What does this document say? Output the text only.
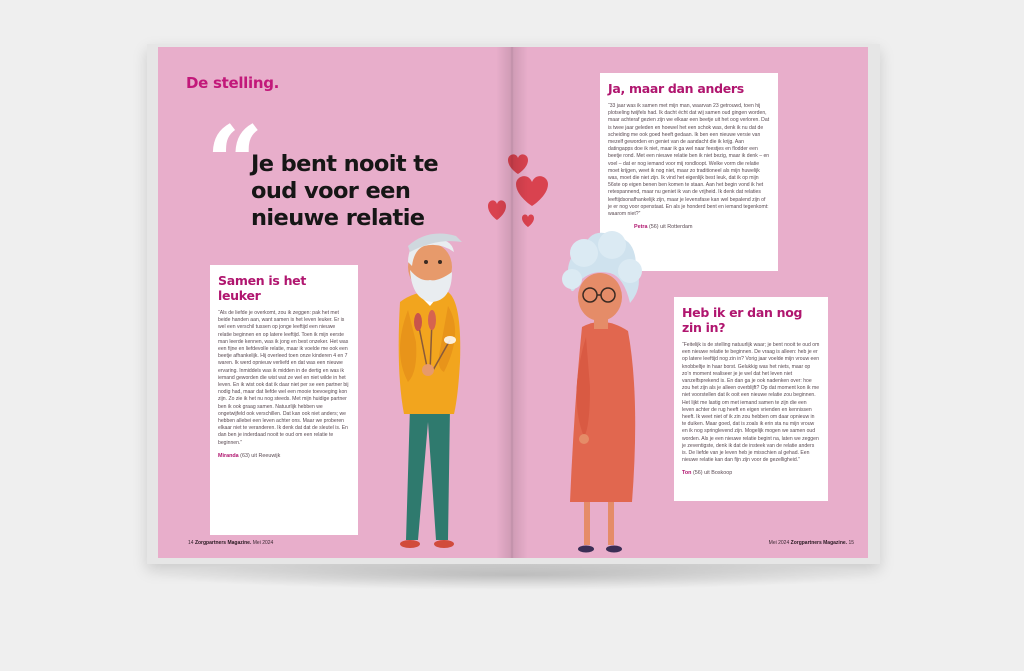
De stelling.
“
Je bent nooit te oud voor een nieuwe relatie
Samen is het leuker

“Als de liefde je overkomt, zou ik zeggen: pak het met beide handen aan, want samen is het leven leuker. Er is wel een verschil tussen op jonge leeftijd een nieuwe relatie beginnen en op latere leeftijd. Toen ik mijn eerste man leerde kennen, was ik jong en best onzeker. Het was een fijne en liefdevolle relatie, maar ik voelde me ook een beetje afhankelijk. Hij overleed toen onze kinderen 4 en 7 waren. Ik werd opnieuw verliefd en dat was een nieuwe ervaring. Inmiddels was ik midden in de dertig en was ik iemand geworden die wist wat ze wel en niet wilde in het leven. En ik wist ook dat ik daar niet per se een partner bij nodig had, maar dat liefde wel een mooie toevoeging kon zijn. Zo zie ik het nu nog steeds. Met mijn huidige partner ben ik ook graag samen. Natuurlijk hebben we ongetwijfeld ook verschillen. Dat kan ook niet anders; we hebben allebei een leven achter ons. Maar we proberen elkaar niet te veranderen. Ik denk dat dat de sleutel is. En dan ben je inderdaad nooit te oud om een relatie te beginnen.”

Miranda (63) uit Reeuwijk
14 Zorgpartners Magazine. Mei 2024
Ja, maar dan anders

“33 jaar was ik samen met mijn man, waarvan 23 getrouwd, toen hij plotseling twijfels had. Ik dacht écht dat wij samen oud gingen worden, maar achteraf gezien zijn we elkaar een beetje uit het oog verloren. Dat is twee jaar geleden en hoewel het een schok was, denk ik nu dat de scheiding me ook goed heeft gedaan. Ik ben een nieuwe versie van mezelf geworden en geniet van de aandacht die ik krijg. Aan datingapps doe ik niet, maar ik ga wel naar feestjes en flodder een beetje rond. Met een nieuwe relatie ben ik niet bezig, maar ik denk – en voel – dat er nog iemand voor mij rondloopt. Welke vorm die relatie moet krijgen, weet ik nog niet, maar zo traditioneel als mijn huwelijk was, moet die niet zijn. Ik vind het eigenlijk best leuk, dat ik op mijn 56ste op eigen benen ben komen te staan. Aan het begin vond ik het retespannend, maar nu geniet ik van de vrijheid. Ik denk dat relaties leeftijdsonafhankelijk zijn, maar je levensfase kan wel bepalend zijn of je er nog voor openstaat. En als je honderd bent en iemand tegenkomt: waarom niet?”

Petra (56) uit Rotterdam
Heb ik er dan nog zin in?

“Feitelijk is de stelling natuurlijk waar; je bent nooit te oud om een nieuwe relatie te beginnen. De vraag is alleen: heb je er op latere leeftijd nog zin in? Vorig jaar voelde mijn vrouw een knobbeltje in haar borst. Gelukkig was het niets, maar op zo’n moment realiseer je je wel dat het leven niet vanzelfsprekend is. En dan ga je ook nadenken over: hoe zou het zijn als je alleen overblijft? Op dat moment kon ik me niet voorstellen dat ik ooit een nieuwe relatie zou beginnen. Het lijkt me lastig om met iemand samen te zijn die een leven achter de rug heeft en eigen vrienden en kennissen heeft. Ik weet niet of ik zin zou hebben om daar opnieuw in te duiken. Maar goed, dat is zoals ik erin sta nu mijn vrouw en ik nog springlevend zijn. Mogelijk mogen we samen oud worden. Als je een nieuwe relatie begint na, laten we zeggen je zeventigste, denk ik dat de insteek van de relatie anders is. De liefde van je leven heb je misschien al gehad. Een nieuwe relatie kan dan fijn zijn voor de gezelligheid.”

Ton (56) uit Boskoop
Mei 2024 Zorgpartners Magazine. 15
